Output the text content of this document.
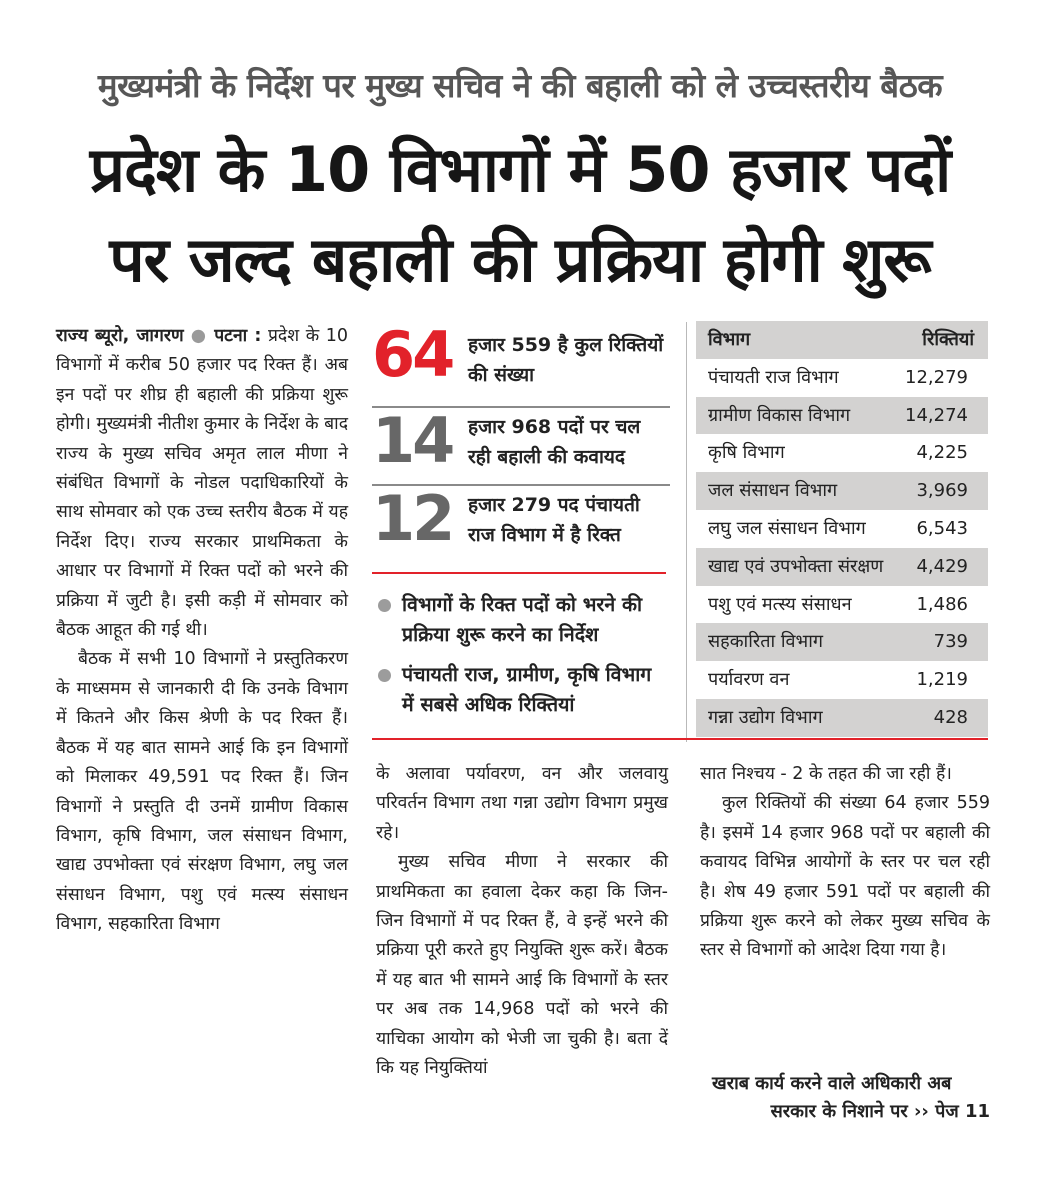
मुख्यमंत्री के निर्देश पर मुख्य सचिव ने की बहाली को ले उच्चस्तरीय बैठक
प्रदेश के 10 विभागों में 50 हजार पदों
पर जल्द बहाली की प्रक्रिया होगी शुरू

राज्य ब्यूरो, जागरण ● पटना : प्रदेश के 10 विभागों में करीब 50 हजार पद रिक्त हैं। अब इन पदों पर शीघ्र ही बहाली की प्रक्रिया शुरू होगी। मुख्यमंत्री नीतीश कुमार के निर्देश के बाद राज्य के मुख्य सचिव अमृत लाल मीणा ने संबंधित विभागों के नोडल पदाधिकारियों के साथ सोमवार को एक उच्च स्तरीय बैठक में यह निर्देश दिए। राज्य सरकार प्राथमिकता के आधार पर विभागों में रिक्त पदों को भरने की प्रक्रिया में जुटी है। इसी कड़ी में सोमवार को बैठक आहूत की गई थी।

बैठक में सभी 10 विभागों ने प्रस्तुतिकरण के माध्समम से जानकारी दी कि उनके विभाग में कितने और किस श्रेणी के पद रिक्त हैं। बैठक में यह बात सामने आई कि इन विभागों को मिलाकर 49,591 पद रिक्त हैं। जिन विभागों ने प्रस्तुति दी उनमें ग्रामीण विकास विभाग, कृषि विभाग, जल संसाधन विभाग, खाद्य उपभोक्ता एवं संरक्षण विभाग, लघु जल संसाधन विभाग, पशु एवं मत्स्य संसाधन विभाग, सहकारिता विभाग

64 हजार 559 है कुल रिक्तियों की संख्या
14 हजार 968 पदों पर चल रही बहाली की कवायद
12 हजार 279 पद पंचायती राज विभाग में है रिक्त
विभागों के रिक्त पदों को भरने की प्रक्रिया शुरू करने का निर्देश
पंचायती राज, ग्रामीण, कृषि विभाग में सबसे अधिक रिक्तियां
विभाग	रिक्तियां
पंचायती राज विभाग	12,279
ग्रामीण विकास विभाग	14,274
कृषि विभाग	4,225
जल संसाधन विभाग	3,969
लघु जल संसाधन विभाग	6,543
खाद्य एवं उपभोक्ता संरक्षण 4,429
पशु एवं मत्स्य संसाधन	1,486
सहकारिता विभाग	739
पर्यावरण वन	1,219
गन्ना उद्योग विभाग	428

के अलावा पर्यावरण, वन और जलवायु परिवर्तन विभाग तथा गन्ना उद्योग विभाग प्रमुख रहे।

मुख्य सचिव मीणा ने सरकार की प्राथमिकता का हवाला देकर कहा कि जिन-जिन विभागों में पद रिक्त हैं, वे इन्हें भरने की प्रक्रिया पूरी करते हुए नियुक्ति शुरू करें। बैठक में यह बात भी सामने आई कि विभागों के स्तर पर अब तक 14,968 पदों को भरने की याचिका आयोग को भेजी जा चुकी है। बता दें कि यह नियुक्तियां

सात निश्चय - 2 के तहत की जा रही हैं।

कुल रिक्तियों की संख्या 64 हजार 559 है। इसमें 14 हजार 968 पदों पर बहाली की कवायद विभिन्न आयोगों के स्तर पर चल रही है। शेष 49 हजार 591 पदों पर बहाली की प्रक्रिया शुरू करने को लेकर मुख्य सचिव के स्तर से विभागों को आदेश दिया गया है।

खराब कार्य करने वाले अधिकारी अब
सरकार के निशाने पर ›› पेज 11
